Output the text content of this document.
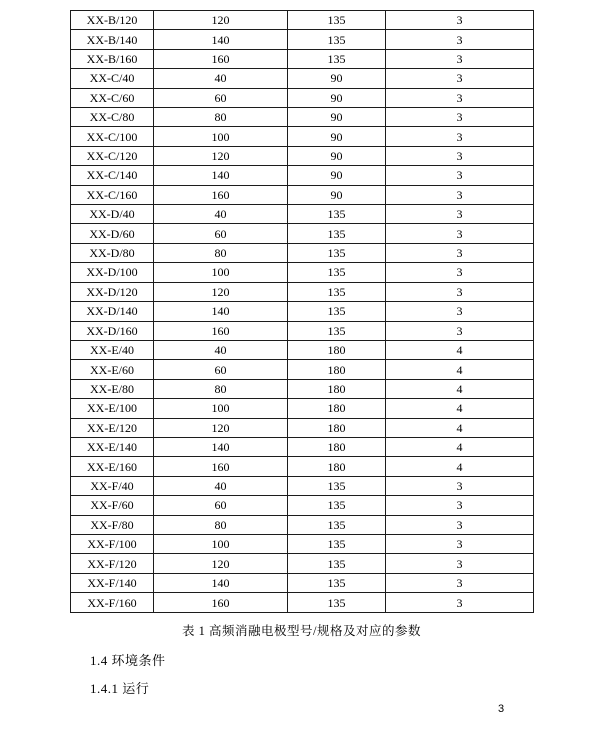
XX-B/120	120	135	3
XX-B/140	140	135	3
XX-B/160	160	135	3
XX-C/40	40	90	3
XX-C/60	60	90	3
XX-C/80	80	90	3
XX-C/100	100	90	3
XX-C/120	120	90	3
XX-C/140	140	90	3
XX-C/160	160	90	3
XX-D/40	40	135	3
XX-D/60	60	135	3
XX-D/80	80	135	3
XX-D/100	100	135	3
XX-D/120	120	135	3
XX-D/140	140	135	3
XX-D/160	160	135	3
XX-E/40	40	180	4
XX-E/60	60	180	4
XX-E/80	80	180	4
XX-E/100	100	180	4
XX-E/120	120	180	4
XX-E/140	140	180	4
XX-E/160	160	180	4
XX-F/40	40	135	3
XX-F/60	60	135	3
XX-F/80	80	135	3
XX-F/100	100	135	3
XX-F/120	120	135	3
XX-F/140	140	135	3
XX-F/160	160	135	3
表 1 高频消融电极型号/规格及对应的参数
1.4 环境条件
1.4.1 运行
3
